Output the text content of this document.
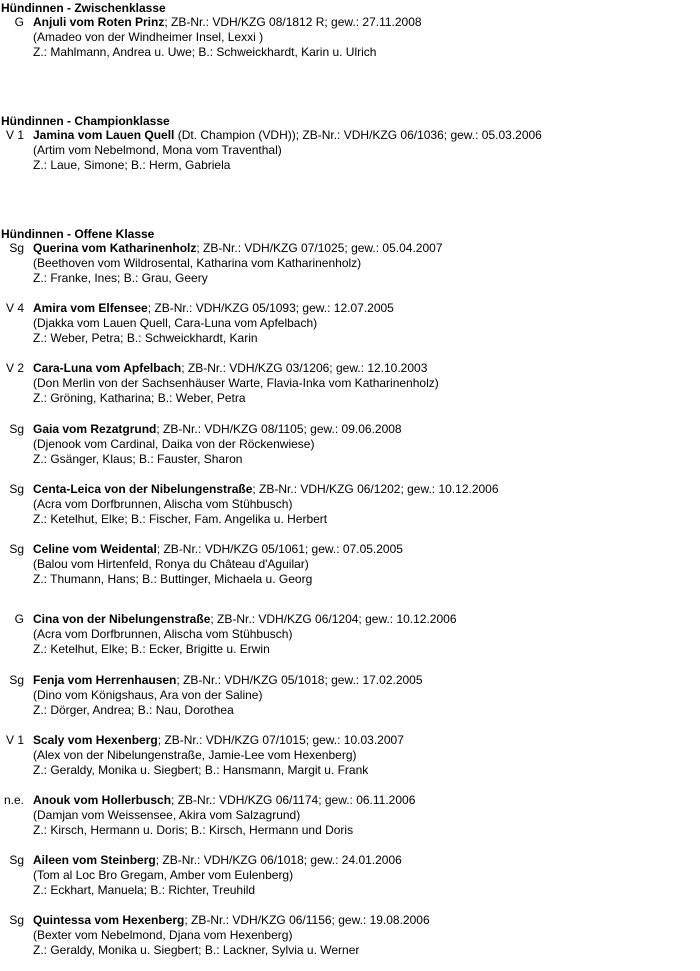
Hündinnen - Zwischenklasse
G Anjuli vom Roten Prinz; ZB-Nr.: VDH/KZG 08/1812 R; gew.: 27.11.2008
(Amadeo von der Windheimer Insel, Lexxi )
Z.: Mahlmann, Andrea u. Uwe; B.: Schweickhardt, Karin u. Ulrich
Hündinnen - Championklasse
V 1 Jamina vom Lauen Quell (Dt. Champion (VDH)); ZB-Nr.: VDH/KZG 06/1036; gew.: 05.03.2006
(Artim vom Nebelmond, Mona vom Traventhal)
Z.: Laue, Simone; B.: Herm, Gabriela
Hündinnen - Offene Klasse
Sg Querina vom Katharinenholz; ZB-Nr.: VDH/KZG 07/1025; gew.: 05.04.2007
(Beethoven vom Wildrosental, Katharina vom Katharinenholz)
Z.: Franke, Ines; B.: Grau, Geery
V 4 Amira vom Elfensee; ZB-Nr.: VDH/KZG 05/1093; gew.: 12.07.2005
(Djakka vom Lauen Quell, Cara-Luna vom Apfelbach)
Z.: Weber, Petra; B.: Schweickhardt, Karin
V 2 Cara-Luna vom Apfelbach; ZB-Nr.: VDH/KZG 03/1206; gew.: 12.10.2003
(Don Merlin von der Sachsenhäuser Warte, Flavia-Inka vom Katharinenholz)
Z.: Gröning, Katharina; B.: Weber, Petra
Sg Gaia vom Rezatgrund; ZB-Nr.: VDH/KZG 08/1105; gew.: 09.06.2008
(Djenook vom Cardinal, Daika von der Röckenwiese)
Z.: Gsänger, Klaus; B.: Fauster, Sharon
Sg Centa-Leica von der Nibelungenstraße; ZB-Nr.: VDH/KZG 06/1202; gew.: 10.12.2006
(Acra vom Dorfbrunnen, Alischa vom Stühbusch)
Z.: Ketelhut, Elke; B.: Fischer, Fam. Angelika u. Herbert
Sg Celine vom Weidental; ZB-Nr.: VDH/KZG 05/1061; gew.: 07.05.2005
(Balou vom Hirtenfeld, Ronya du Château d'Aguilar)
Z.: Thumann, Hans; B.: Buttinger, Michaela u. Georg
G Cina von der Nibelungenstraße; ZB-Nr.: VDH/KZG 06/1204; gew.: 10.12.2006
(Acra vom Dorfbrunnen, Alischa vom Stühbusch)
Z.: Ketelhut, Elke; B.: Ecker, Brigitte u. Erwin
Sg Fenja vom Herrenhausen; ZB-Nr.: VDH/KZG 05/1018; gew.: 17.02.2005
(Dino vom Königshaus, Ara von der Saline)
Z.: Dörger, Andrea; B.: Nau, Dorothea
V 1 Scaly vom Hexenberg; ZB-Nr.: VDH/KZG 07/1015; gew.: 10.03.2007
(Alex von der Nibelungenstraße, Jamie-Lee vom Hexenberg)
Z.: Geraldy, Monika u. Siegbert; B.: Hansmann, Margit u. Frank
n.e. Anouk vom Hollerbusch; ZB-Nr.: VDH/KZG 06/1174; gew.: 06.11.2006
(Damjan vom Weissensee, Akira vom Salzagrund)
Z.: Kirsch, Hermann u. Doris; B.: Kirsch, Hermann und Doris
Sg Aileen vom Steinberg; ZB-Nr.: VDH/KZG 06/1018; gew.: 24.01.2006
(Tom al Loc Bro Gregam, Amber vom Eulenberg)
Z.: Eckhart, Manuela; B.: Richter, Treuhild
Sg Quintessa vom Hexenberg; ZB-Nr.: VDH/KZG 06/1156; gew.: 19.08.2006
(Bexter vom Nebelmond, Djana vom Hexenberg)
Z.: Geraldy, Monika u. Siegbert; B.: Lackner, Sylvia u. Werner
